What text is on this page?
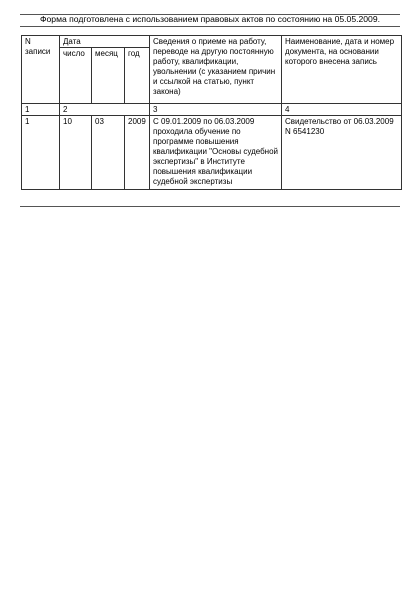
Форма подготовлена с использованием правовых актов по состоянию на 05.05.2009.
N записи	Дата			Сведения о приеме на работу, переводе на другую постоянную работу, квалификации, увольнении (с указанием причин и ссылкой на статью, пункт закона)	Наименование, дата и номер документа, на основании которого внесена запись
	число	месяц	год		
1	2			3	4
1	10	03	2009	С 09.01.2009 по 06.03.2009 проходила обучение по программе повышения квалификации "Основы судебной экспертизы" в Институте повышения квалификации судебной экспертизы	Свидетельство от 06.03.2009 N 6541230
